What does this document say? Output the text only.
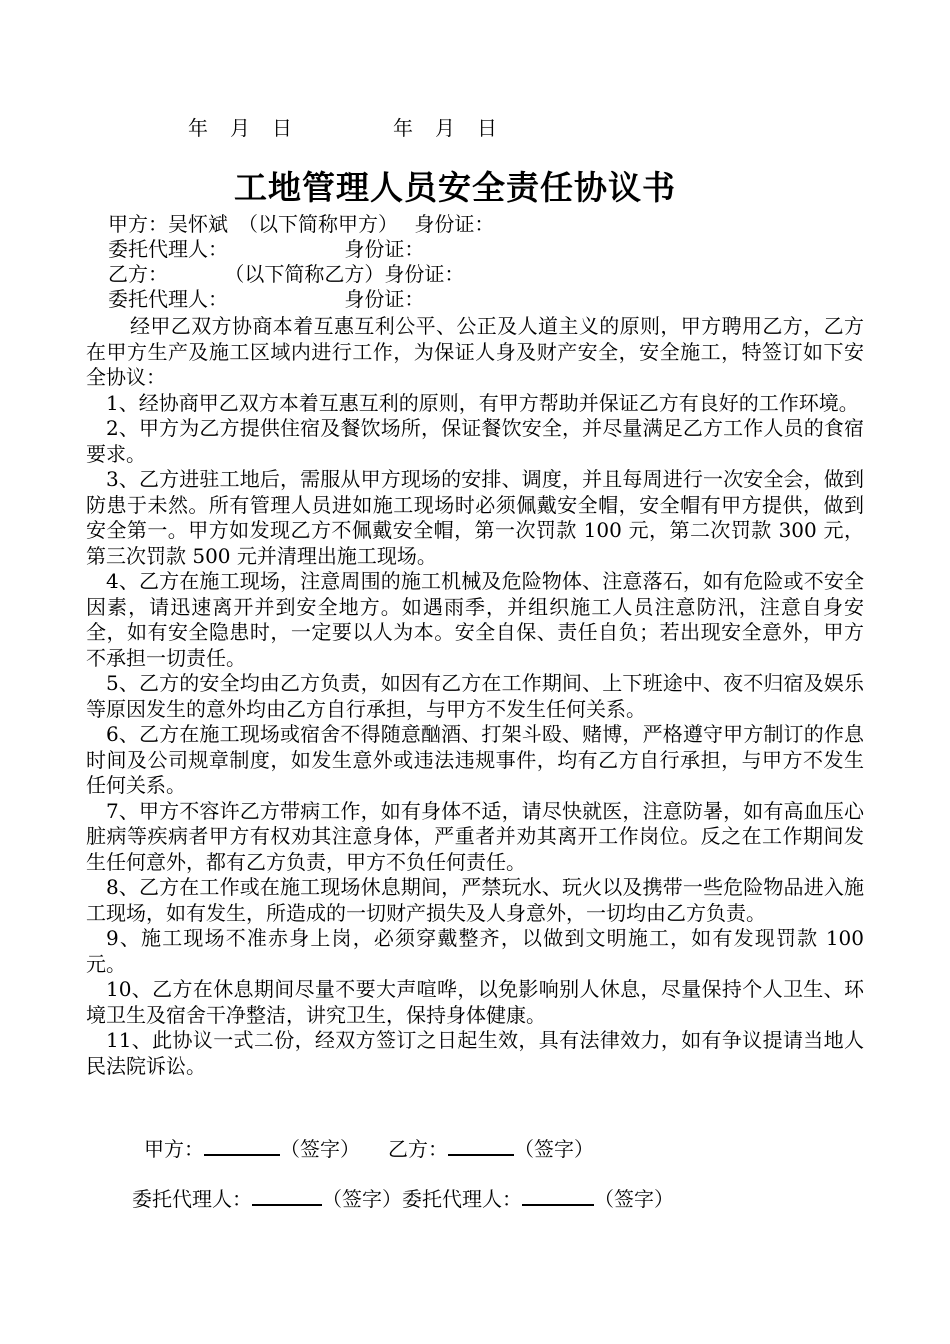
年　月　日	年　月　日
工地管理人员安全责任协议书
甲方：吴怀斌　（以下简称甲方）　 身份证：
委托代理人：　　　　　　 身份证：
乙方：　　　 （以下简称乙方）身份证：
委托代理人：　　　　　　 身份证：

经甲乙双方协商本着互惠互利公平、公正及人道主义的原则，甲方聘用乙方，乙方在甲方生产及施工区域内进行工作，为保证人身及财产安全，安全施工，特签订如下安全协议：

1、经协商甲乙双方本着互惠互利的原则，有甲方帮助并保证乙方有良好的工作环境。

2、甲方为乙方提供住宿及餐饮场所，保证餐饮安全，并尽量满足乙方工作人员的食宿要求。

3、乙方进驻工地后，需服从甲方现场的安排、调度，并且每周进行一次安全会，做到防患于未然。所有管理人员进如施工现场时必须佩戴安全帽，安全帽有甲方提供，做到安全第一。甲方如发现乙方不佩戴安全帽，第一次罚款 100 元，第二次罚款 300 元，第三次罚款 500 元并清理出施工现场。

4、乙方在施工现场，注意周围的施工机械及危险物体、注意落石，如有危险或不安全因素，请迅速离开并到安全地方。如遇雨季，并组织施工人员注意防汛，注意自身安全，如有安全隐患时，一定要以人为本。安全自保、责任自负；若出现安全意外，甲方不承担一切责任。

5、乙方的安全均由乙方负责，如因有乙方在工作期间、上下班途中、夜不归宿及娱乐等原因发生的意外均由乙方自行承担，与甲方不发生任何关系。

6、乙方在施工现场或宿舍不得随意酗酒、打架斗殴、赌博，严格遵守甲方制订的作息时间及公司规章制度，如发生意外或违法违规事件，均有乙方自行承担，与甲方不发生任何关系。

7、甲方不容许乙方带病工作，如有身体不适，请尽快就医，注意防暑，如有高血压心脏病等疾病者甲方有权劝其注意身体，严重者并劝其离开工作岗位。反之在工作期间发生任何意外，都有乙方负责，甲方不负任何责任。

8、乙方在工作或在施工现场休息期间，严禁玩水、玩火以及携带一些危险物品进入施工现场，如有发生，所造成的一切财产损失及人身意外，一切均由乙方负责。

9、施工现场不准赤身上岗，必须穿戴整齐，以做到文明施工，如有发现罚款 100 元。

10、乙方在休息期间尽量不要大声喧哗，以免影响别人休息，尽量保持个人卫生、环境卫生及宿舍干净整洁，讲究卫生，保持身体健康。

11、此协议一式二份，经双方签订之日起生效，具有法律效力，如有争议提请当地人民法院诉讼。

甲方：	（签字） 乙方：	（签字）
委托代理人：	（签字）委托代理人：	（签字）
